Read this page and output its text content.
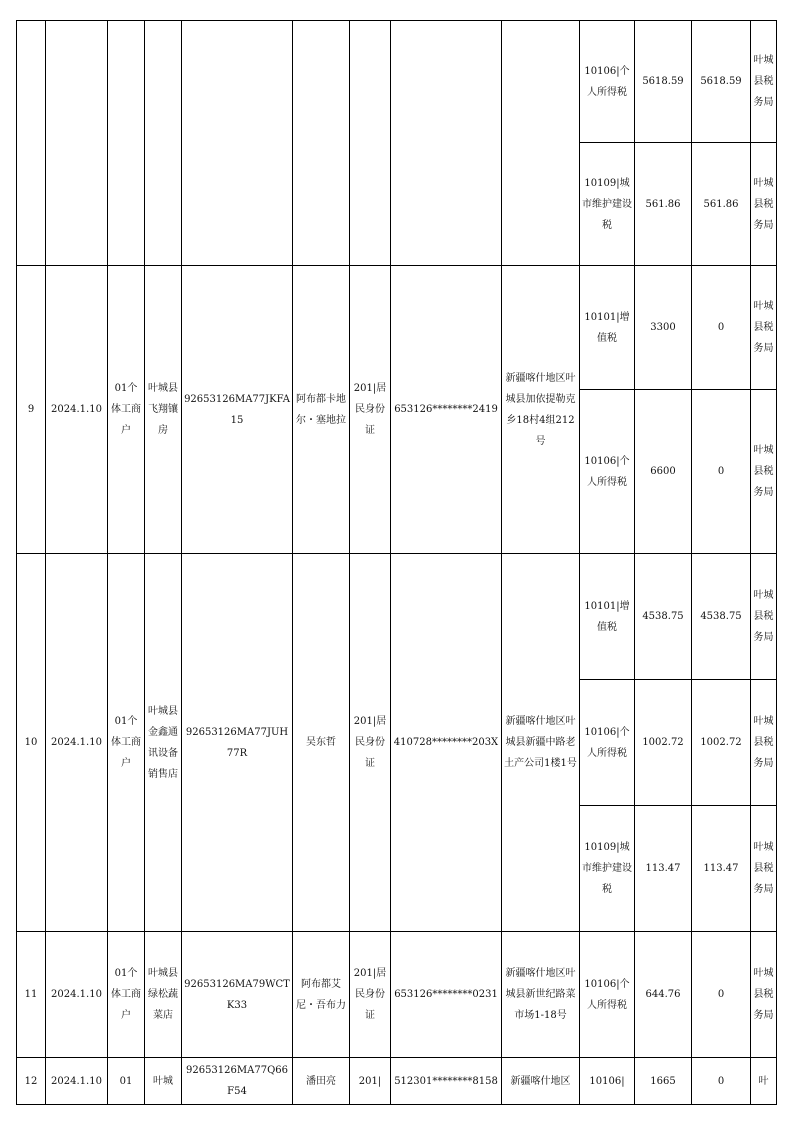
									10106|个人所得税	5618.59	5618.59	叶城县税务局
									10109|城市维护建设税	561.86	561.86	叶城县税务局
9	2024.1.10	01个体工商户	叶城县飞翔镶房	92653126MA77JKFA15	阿布都卡地尔・塞地拉	201|居民身份证	653126********2419	新疆喀什地区叶城县加依提勒克乡18村4组212号	10101|增值税	3300	0	叶城县税务局
									10106|个人所得税	6600	0	叶城县税务局
10	2024.1.10	01个体工商户	叶城县金鑫通讯设备销售店	92653126MA77JUH77R	吴东哲	201|居民身份证	410728********203X	新疆喀什地区叶城县新疆中路老土产公司1楼1号	10101|增值税	4538.75	4538.75	叶城县税务局
									10106|个人所得税	1002.72	1002.72	叶城县税务局
									10109|城市维护建设税	113.47	113.47	叶城县税务局
11	2024.1.10	01个体工商户	叶城县绿松蔬菜店	92653126MA79WCTK33	阿布都艾尼・吾布力	201|居民身份证	653126********0231	新疆喀什地区叶城县新世纪路菜市场1-18号	10106|个人所得税	644.76	0	叶城县税务局
12	2024.1.10	01	叶城	92653126MA77Q66F54	潘田亮	201|	512301********8158	新疆喀什地区	10106|	1665	0	叶
